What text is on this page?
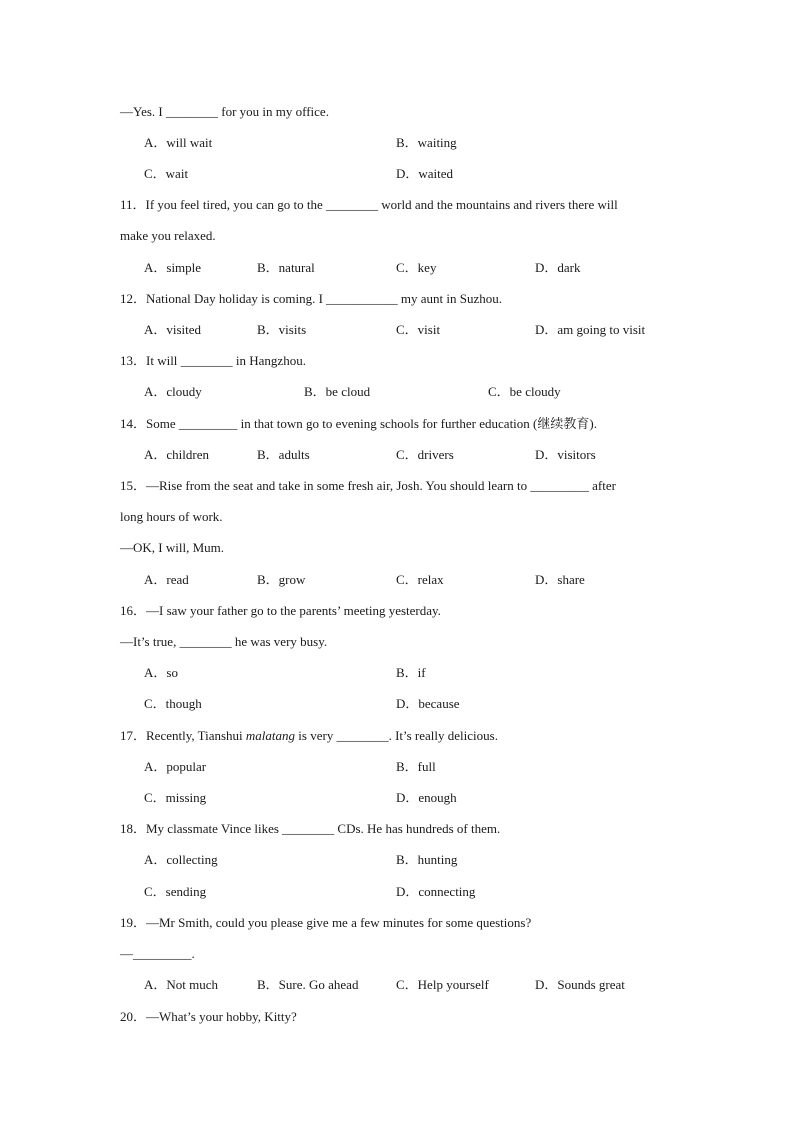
—Yes. I ________ for you in my office.
A．will wait	B．waiting
C．wait	D．waited
11．If you feel tired, you can go to the ________ world and the mountains and rivers there will
make you relaxed.
A．simple	B．natural	C．key	D．dark
12．National Day holiday is coming. I ___________ my aunt in Suzhou.
A．visited	B．visits	C．visit	D．am going to visit
13．It will ________ in Hangzhou.
A．cloudy	B．be cloud	C．be cloudy
14．Some _________ in that town go to evening schools for further education (继续教育).
A．children	B．adults	C．drivers	D．visitors
15．—Rise from the seat and take in some fresh air, Josh. You should learn to _________ after
long hours of work.
—OK, I will, Mum.
A．read	B．grow	C．relax	D．share
16．—I saw your father go to the parents’ meeting yesterday.
—It’s true, ________ he was very busy.
A．so	B．if
C．though	D．because
17．Recently, Tianshui malatang is very ________. It’s really delicious.
A．popular	B．full
C．missing	D．enough
18．My classmate Vince likes ________ CDs. He has hundreds of them.
A．collecting	B．hunting
C．sending	D．connecting
19．—Mr Smith, could you please give me a few minutes for some questions?
—_________.
A．Not much	B．Sure. Go ahead	C．Help yourself	D．Sounds great
20．—What’s your hobby, Kitty?
